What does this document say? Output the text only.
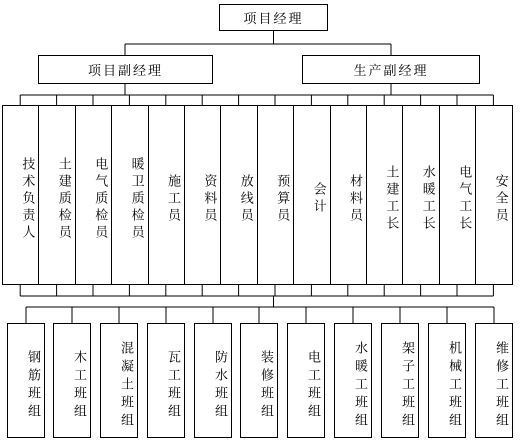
项目经理
项目副经理	生产副经理
技术负责人	土建质检员	电气质检员	暖卫质检员	施工员	资料员	放线员	预算员	会计	材料员	土建工长	水暖工长	电气工长	安全员
钢筋班组	木工班组	混凝土班组	瓦工班组	防水班组	装修班组	电工班组	水暖工班组	架子工班组	机械工班组	维修工班组
